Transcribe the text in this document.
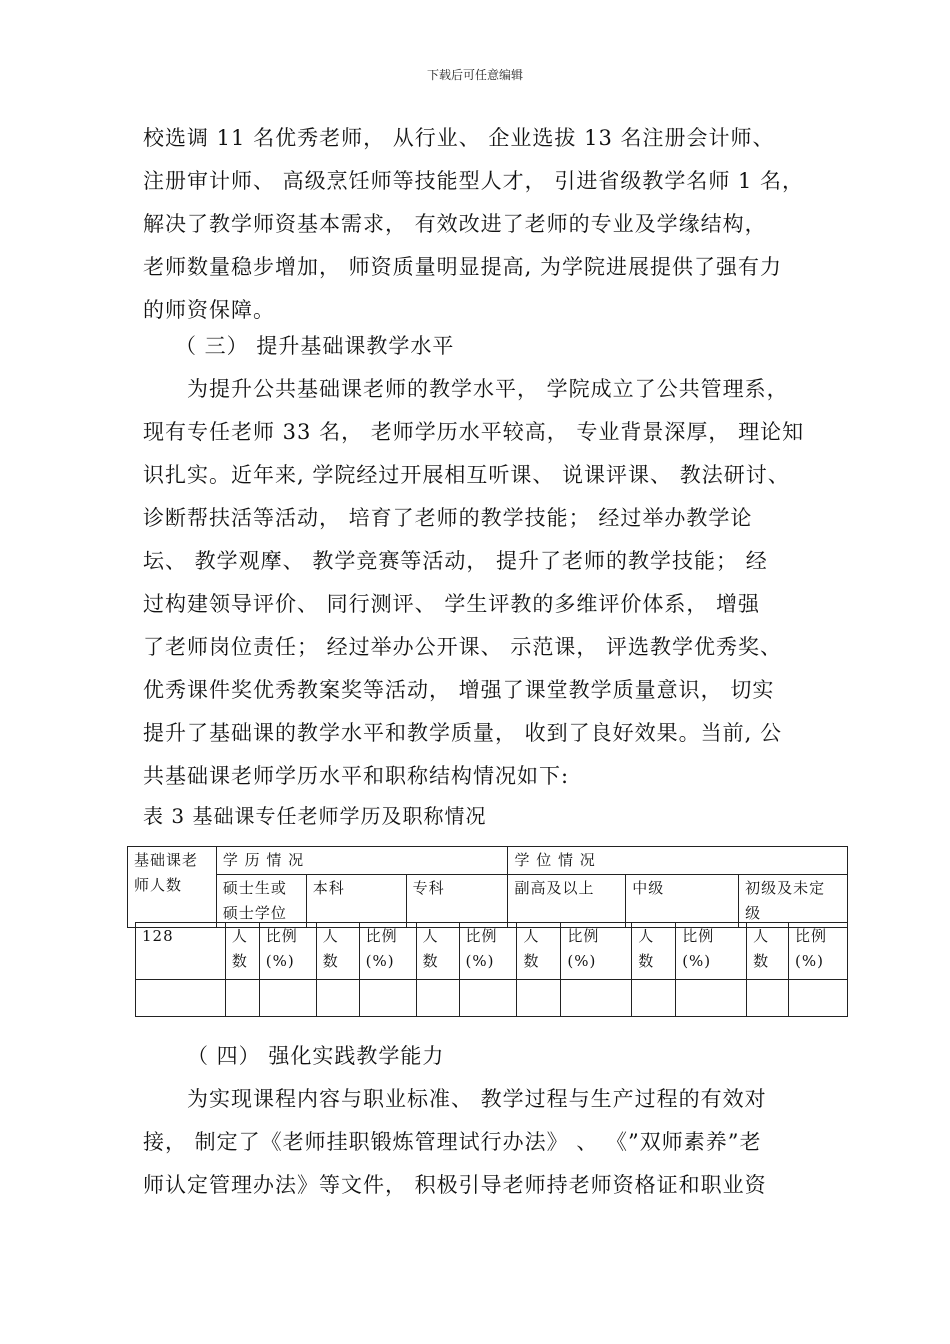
下载后可任意编辑
校选调 11 名优秀老师， 从行业、 企业选拔 13 名注册会计师、
注册审计师、 高级烹饪师等技能型人才， 引进省级教学名师 1 名，
解决了教学师资基本需求， 有效改进了老师的专业及学缘结构，
老师数量稳步增加， 师资质量明显提高, 为学院进展提供了强有力
的师资保障。
（ 三） 提升基础课教学水平
为提升公共基础课老师的教学水平， 学院成立了公共管理系，
现有专任老师 33 名， 老师学历水平较高， 专业背景深厚， 理论知
识扎实。近年来, 学院经过开展相互听课、 说课评课、 教法研讨、
诊断帮扶活等活动， 培育了老师的教学技能； 经过举办教学论
坛、 教学观摩、 教学竞赛等活动， 提升了老师的教学技能； 经
过构建领导评价、 同行测评、 学生评教的多维评价体系， 增强
了老师岗位责任； 经过举办公开课、 示范课， 评选教学优秀奖、
优秀课件奖优秀教案奖等活动， 增强了课堂教学质量意识， 切实
提升了基础课的教学水平和教学质量， 收到了良好效果。当前, 公
共基础课老师学历水平和职称结构情况如下:
表 3 基础课专任老师学历及职称情况
基础课老师人数	学 历 情 况			学 位 情 况		
	硕士生或硕士学位	本科	专科	副高及以上	中级	初级及未定级
128	人数	比例(%)	人数	比例(%)	人数	比例(%)	人数	比例(%)	人数	比例(%)	人数	比例(%)

（ 四） 强化实践教学能力
为实现课程内容与职业标准、 教学过程与生产过程的有效对
接， 制定了《老师挂职锻炼管理试行办法》 、 《”双师素养”老
师认定管理办法》等文件， 积极引导老师持老师资格证和职业资
